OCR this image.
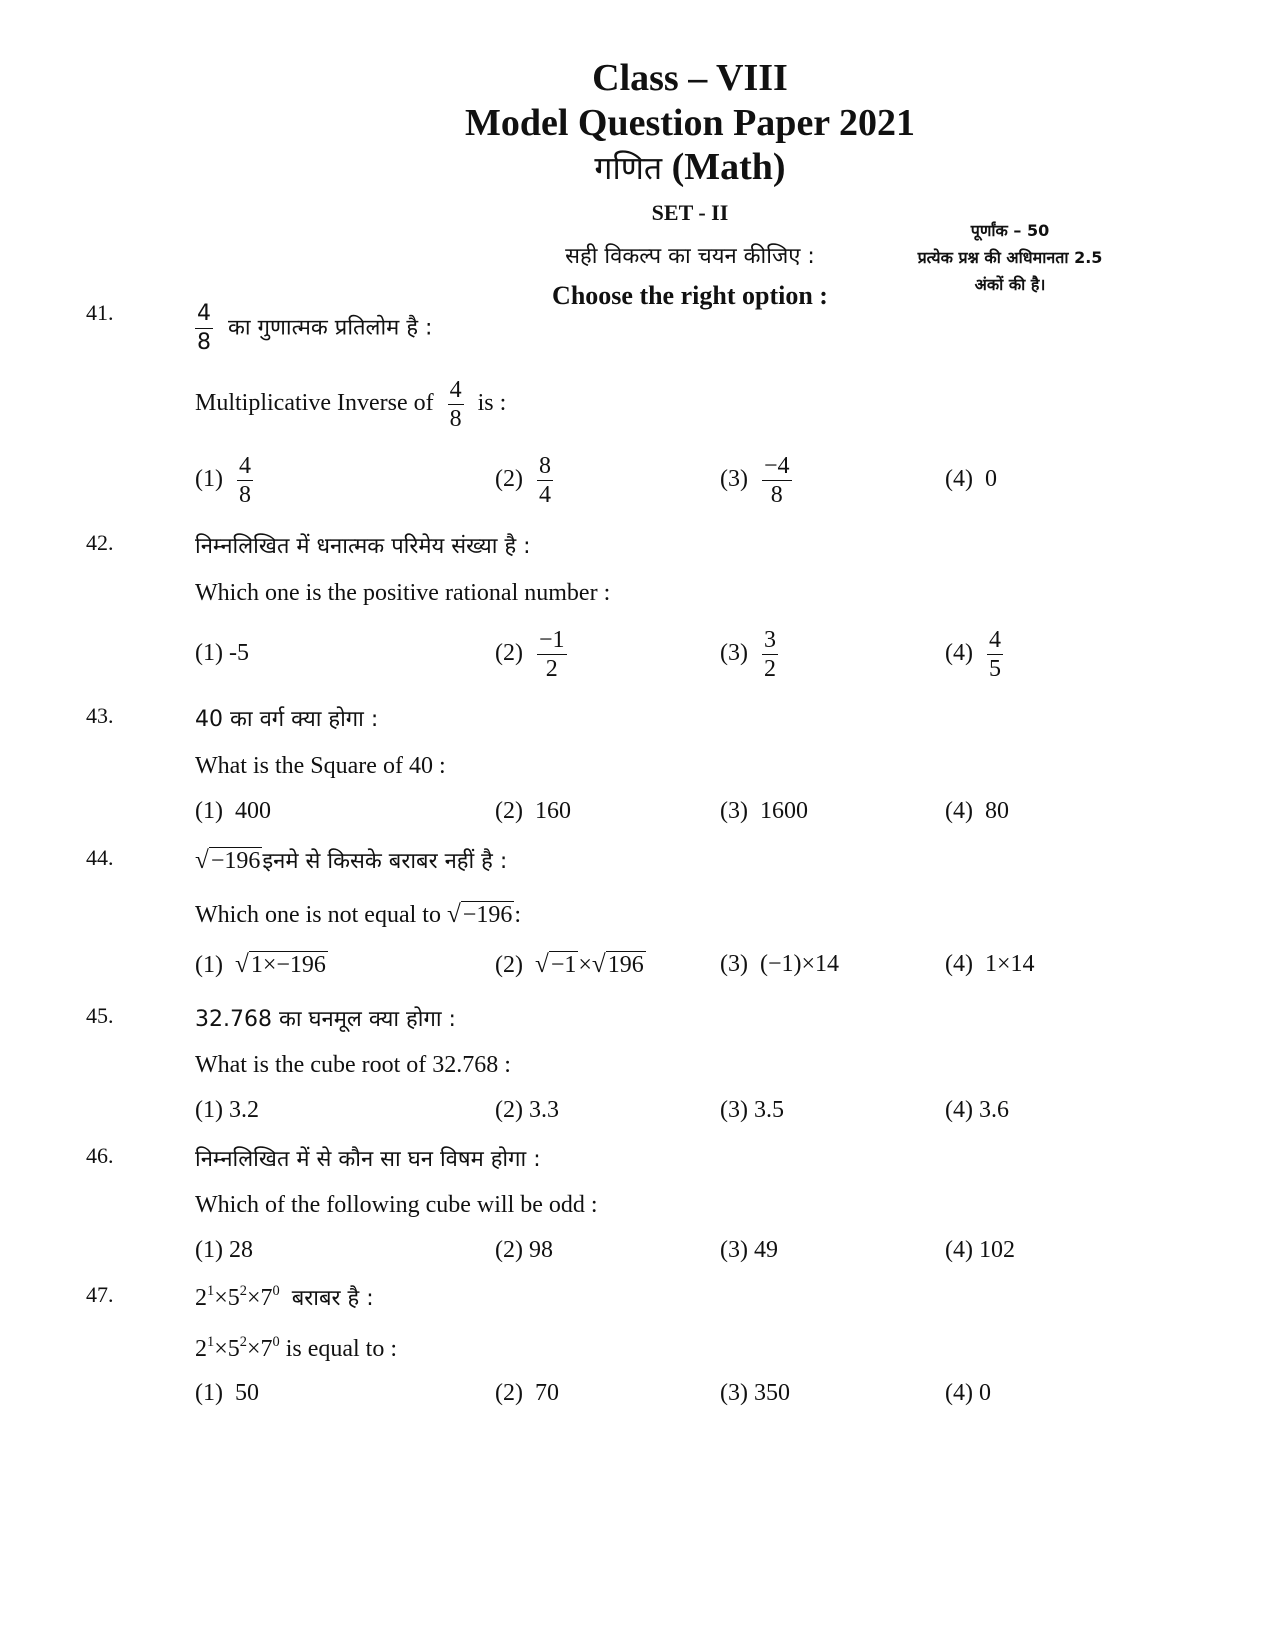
Class – VIII
Model Question Paper 2021
गणित (Math)
SET - II
सही विकल्प का चयन कीजिए :
Choose the right option :
पूर्णांक – 50
प्रत्येक प्रश्न की अधिमानता 2.5
अंकों की है।
41.	$\frac{4}{8}$ का गुणात्मक प्रतिलोम है :
Multiplicative Inverse of $\frac{4}{8}$ is :
$(1) \frac{4}{8}$	$(2) \frac{8}{4}$	$(3) \frac{-4}{8}$	(4) 0
42.	निम्नलिखित में धनात्मक परिमेय संख्या है :
Which one is the positive rational number :
(1) -5	$(2) \frac{-1}{2}$	$(3) \frac{3}{2}$	$(4) \frac{4}{5}$
43.	40 का वर्ग क्या होगा :
What is the Square of 40 :
(1) 400	(2) 160	(3) 1600	(4) 80
44.	√−196इनमे से किसके बराबर नहीं है :
Which one is not equal to √−196:
(1) √1×−196	(2) √−1×√196	(3) (−1)×14	(4) 1×14
45.	32.768 का घनमूल क्या होगा :
What is the cube root of 32.768 :
(1) 3.2	(2) 3.3	(3) 3.5	(4) 3.6
46.	निम्नलिखित में से कौन सा घन विषम होगा :
Which of the following cube will be odd :
(1) 28	(2) 98	(3) 49	(4) 102
47.	$2^1\times 5^2\times 7^0$ बराबर है :
$2^1\times 5^2\times 7^0$ is equal to :
(1) 50	(2) 70	(3) 350	(4) 0
